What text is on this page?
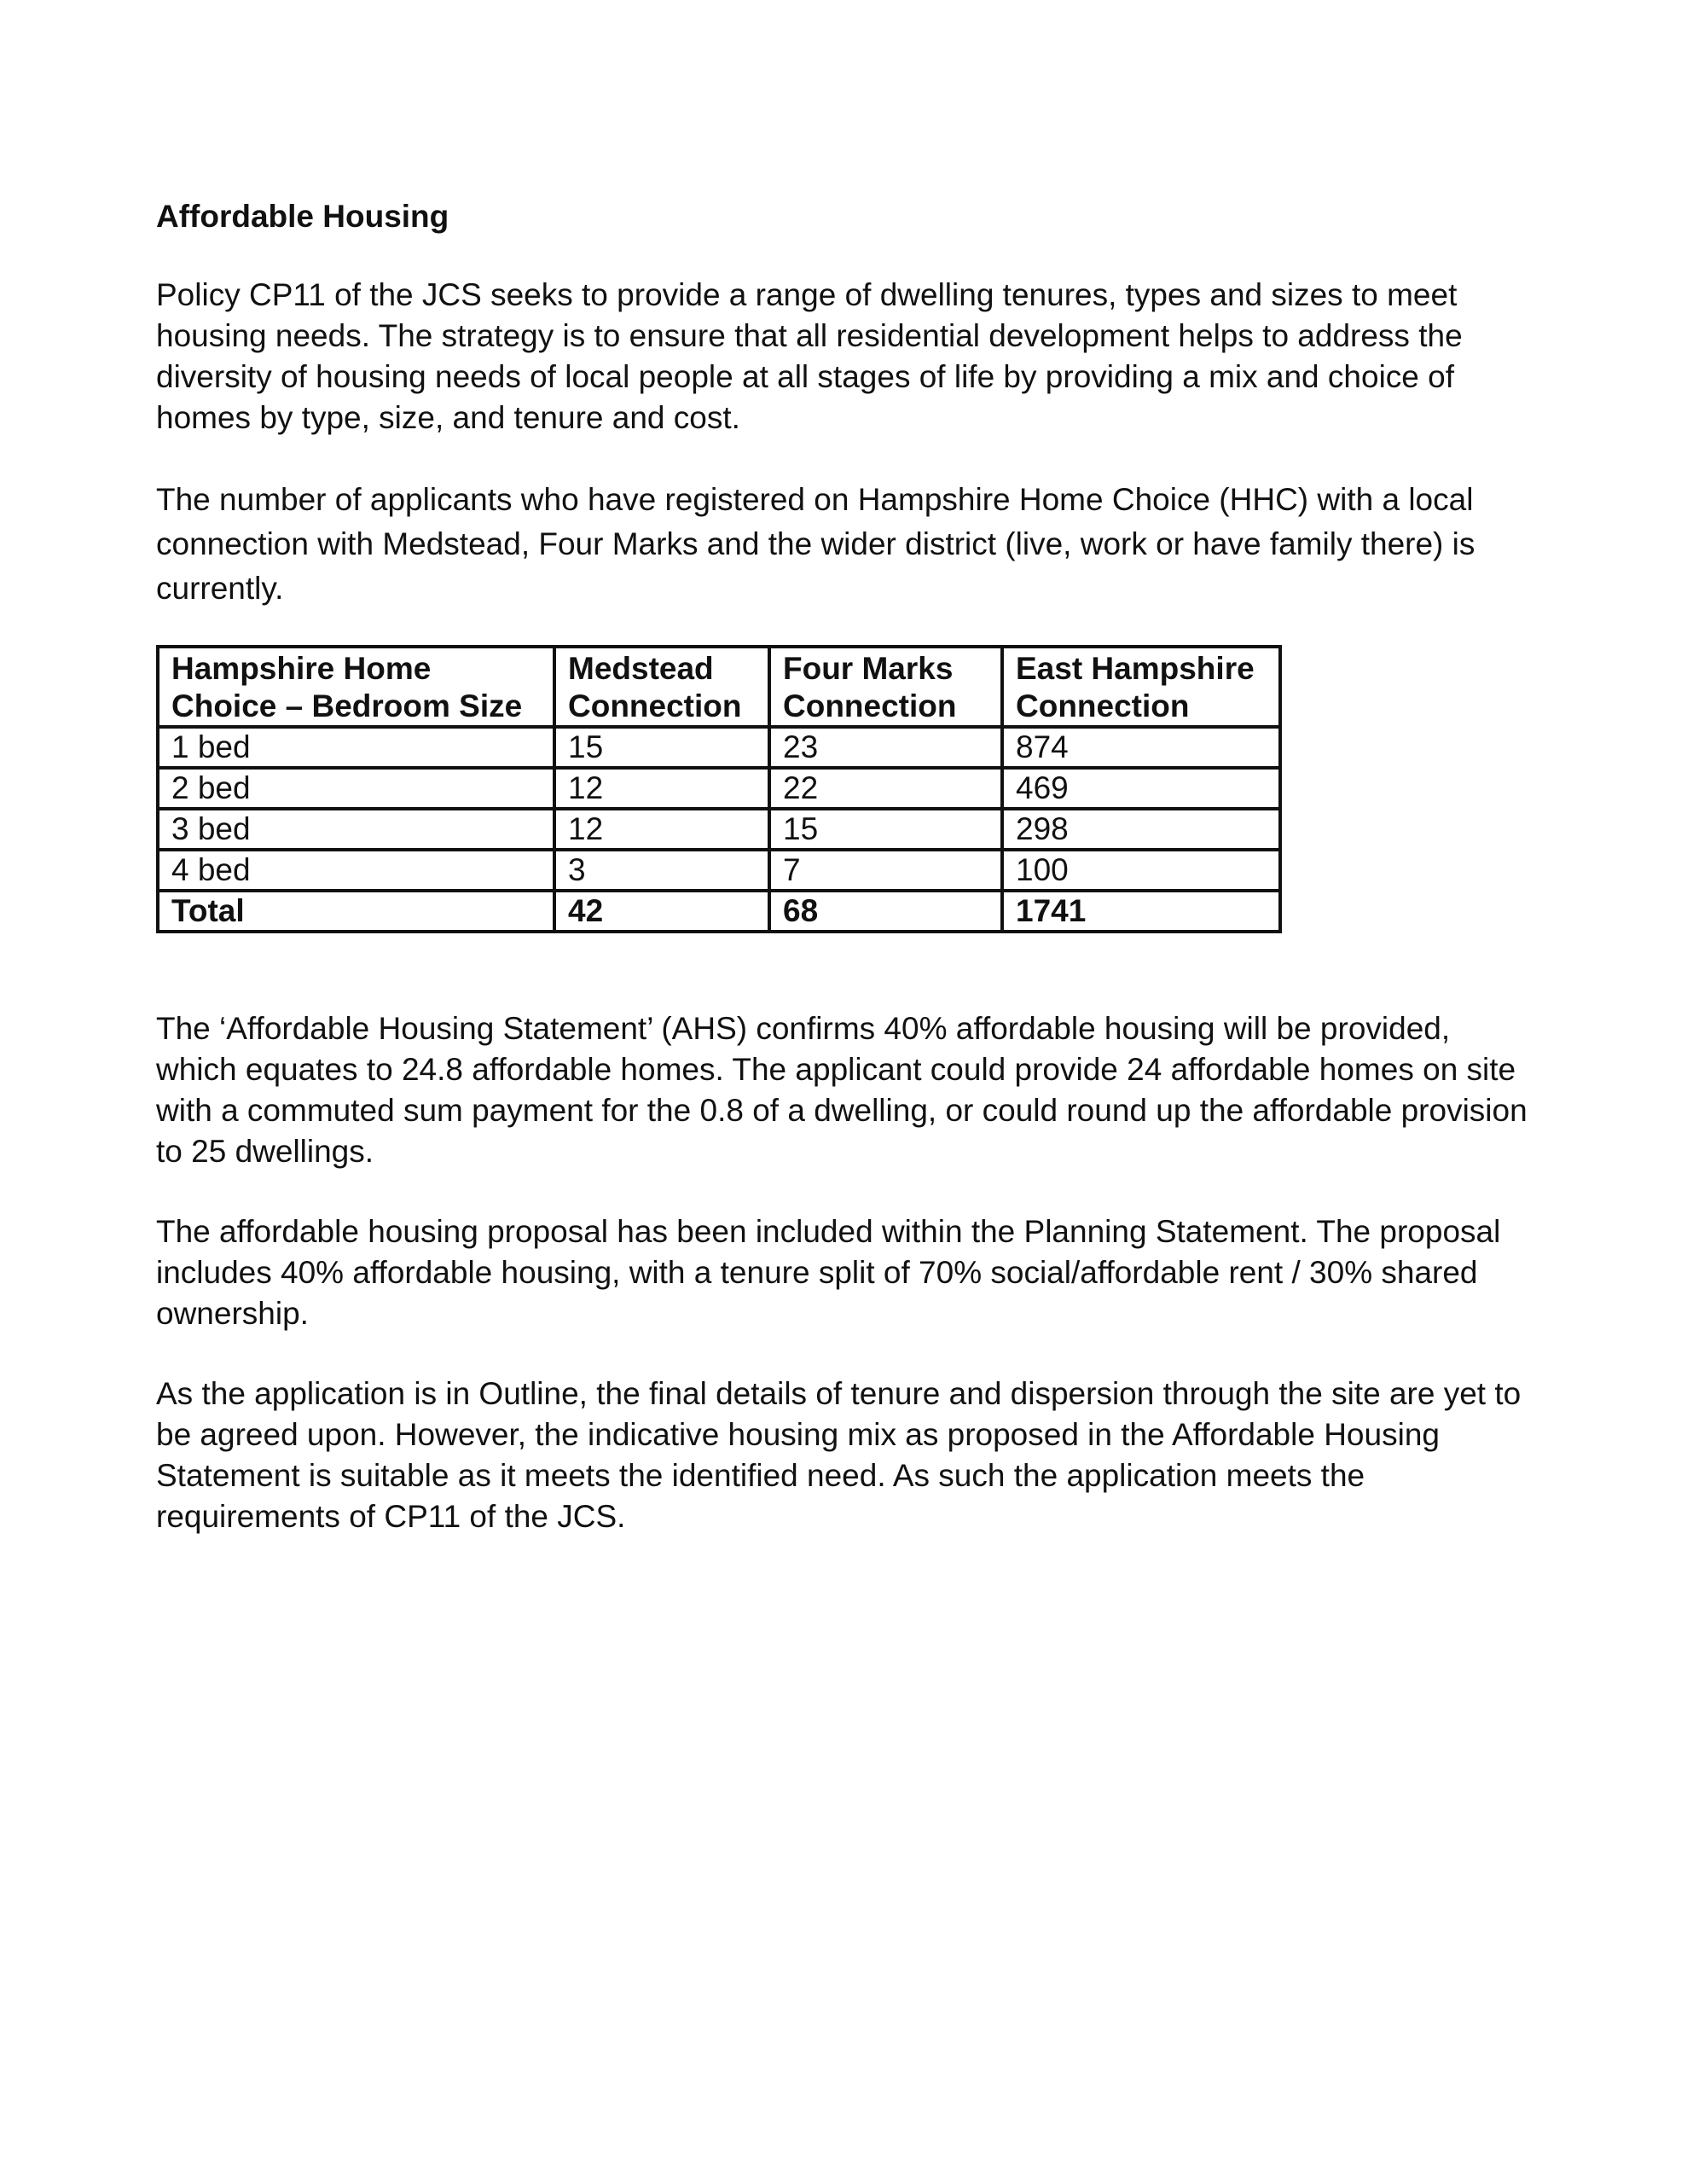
Affordable Housing

Policy CP11 of the JCS seeks to provide a range of dwelling tenures, types and sizes to meet housing needs. The strategy is to ensure that all residential development helps to address the diversity of housing needs of local people at all stages of life by providing a mix and choice of homes by type, size, and tenure and cost.

The number of applicants who have registered on Hampshire Home Choice (HHC) with a local connection with Medstead, Four Marks and the wider district (live, work or have family there) is currently.

Hampshire Home Choice – Bedroom Size	Medstead Connection	Four Marks Connection	East Hampshire Connection
1 bed	15	23	874
2 bed	12	22	469
3 bed	12	15	298
4 bed	3	7	100
Total	42	68	1741

The ‘Affordable Housing Statement’ (AHS) confirms 40% affordable housing will be provided, which equates to 24.8 affordable homes. The applicant could provide 24 affordable homes on site with a commuted sum payment for the 0.8 of a dwelling, or could round up the affordable provision to 25 dwellings.

The affordable housing proposal has been included within the Planning Statement. The proposal includes 40% affordable housing, with a tenure split of 70% social/affordable rent / 30% shared ownership.

As the application is in Outline, the final details of tenure and dispersion through the site are yet to be agreed upon. However, the indicative housing mix as proposed in the Affordable Housing Statement is suitable as it meets the identified need. As such the application meets the requirements of CP11 of the JCS.
